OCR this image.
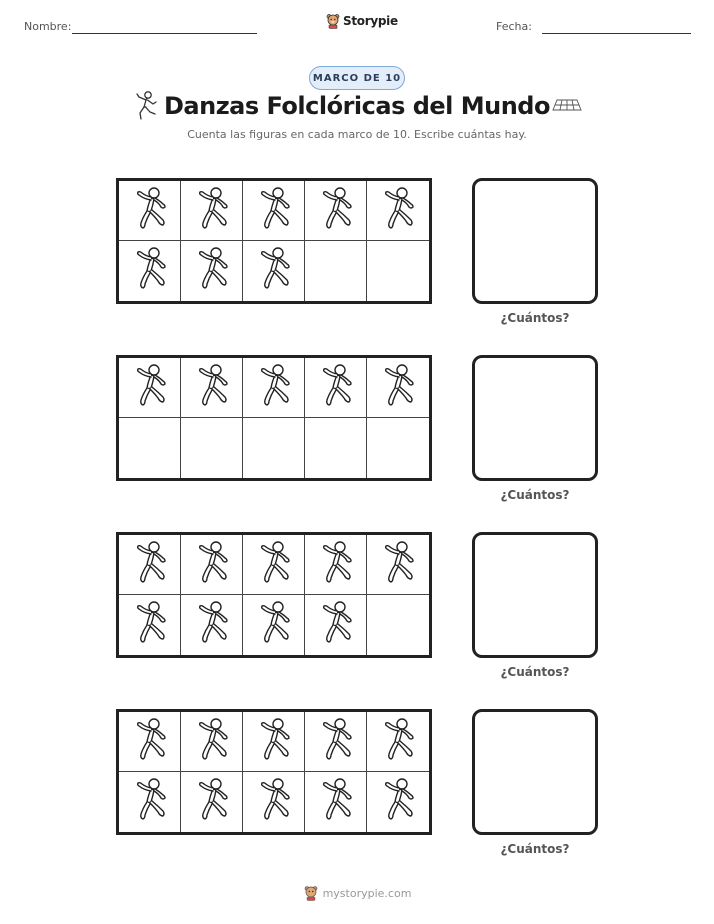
Nombre:	Storypie	Fecha:
MARCO DE 10
Danzas Folclóricas del Mundo
Cuenta las figuras en cada marco de 10. Escribe cuántas hay.
¿Cuántos?
¿Cuántos?
¿Cuántos?
¿Cuántos?
mystorypie.com
